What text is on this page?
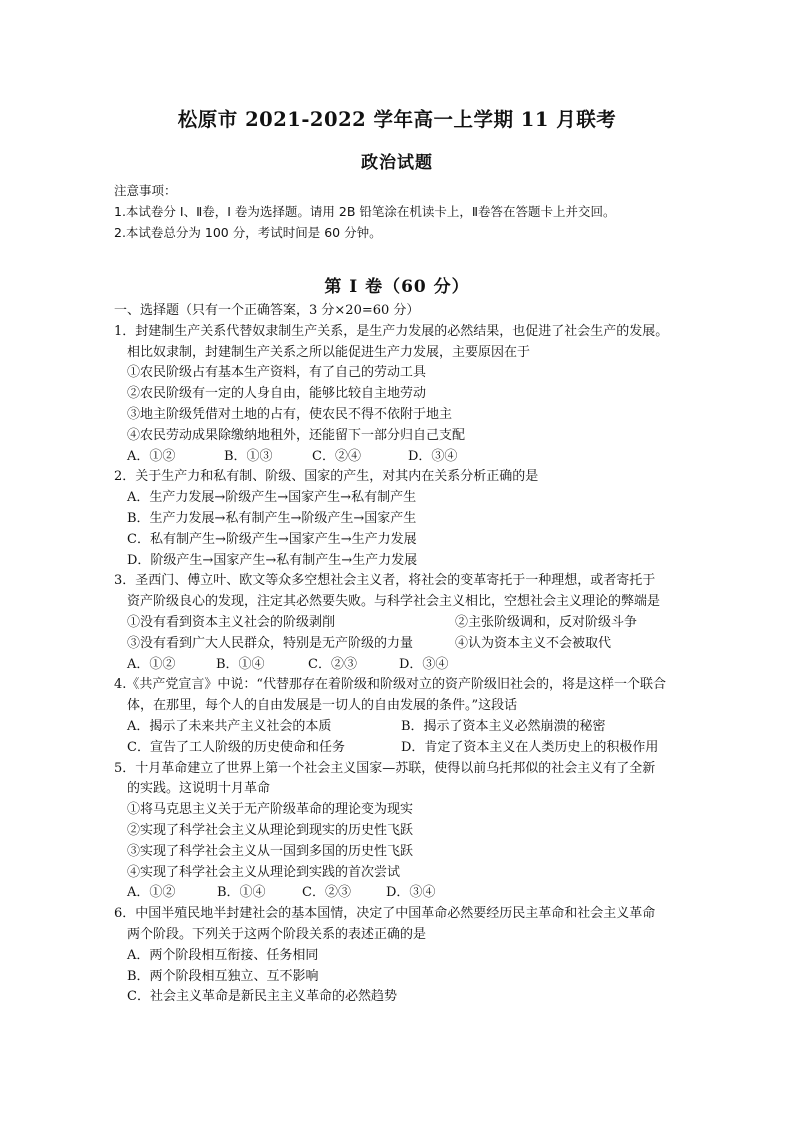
松原市 2021-2022 学年高一上学期 11 月联考
政治试题
注意事项：
1.本试卷分 I、Ⅱ卷，I 卷为选择题。请用 2B 铅笔涂在机读卡上，Ⅱ卷答在答题卡上并交回。
2.本试卷总分为 100 分，考试时间是 60 分钟。
第 I 卷（60 分）
一、选择题（只有一个正确答案，3 分×20=60 分）
1．封建制生产关系代替奴隶制生产关系，是生产力发展的必然结果，也促进了社会生产的发展。
相比奴隶制，封建制生产关系之所以能促进生产力发展，主要原因在于
①农民阶级占有基本生产资料，有了自己的劳动工具
②农民阶级有一定的人身自由，能够比较自主地劳动
③地主阶级凭借对土地的占有，使农民不得不依附于地主
④农民劳动成果除缴纳地租外，还能留下一部分归自己支配
A．①②	B．①③	C．②④	D．③④
2．关于生产力和私有制、阶级、国家的产生，对其内在关系分析正确的是
A．生产力发展→阶级产生→国家产生→私有制产生
B．生产力发展→私有制产生→阶级产生→国家产生
C．私有制产生→阶级产生→国家产生→生产力发展
D．阶级产生→国家产生→私有制产生→生产力发展
3．圣西门、傅立叶、欧文等众多空想社会主义者，将社会的变革寄托于一种理想，或者寄托于
资产阶级良心的发现，注定其必然要失败。与科学社会主义相比，空想社会主义理论的弊端是
①没有看到资本主义社会的阶级剥削	②主张阶级调和，反对阶级斗争
③没有看到广大人民群众，特别是无产阶级的力量	④认为资本主义不会被取代
A．①②	B．①④	C．②③	D．③④
4.《共产党宣言》中说：“代替那存在着阶级和阶级对立的资产阶级旧社会的，将是这样一个联合
体，在那里，每个人的自由发展是一切人的自由发展的条件。”这段话
A．揭示了未来共产主义社会的本质	B．揭示了资本主义必然崩溃的秘密
C．宣告了工人阶级的历史使命和任务	D．肯定了资本主义在人类历史上的积极作用
5．十月革命建立了世界上第一个社会主义国家—苏联，使得以前乌托邦似的社会主义有了全新
的实践。这说明十月革命
①将马克思主义关于无产阶级革命的理论变为现实
②实现了科学社会主义从理论到现实的历史性飞跃
③实现了科学社会主义从一国到多国的历史性飞跃
④实现了科学社会主义从理论到实践的首次尝试
A．①②	B．①④	C．②③	D．③④
6．中国半殖民地半封建社会的基本国情，决定了中国革命必然要经历民主革命和社会主义革命
两个阶段。下列关于这两个阶段关系的表述正确的是
A．两个阶段相互衔接、任务相同
B．两个阶段相互独立、互不影响
C．社会主义革命是新民主主义革命的必然趋势
